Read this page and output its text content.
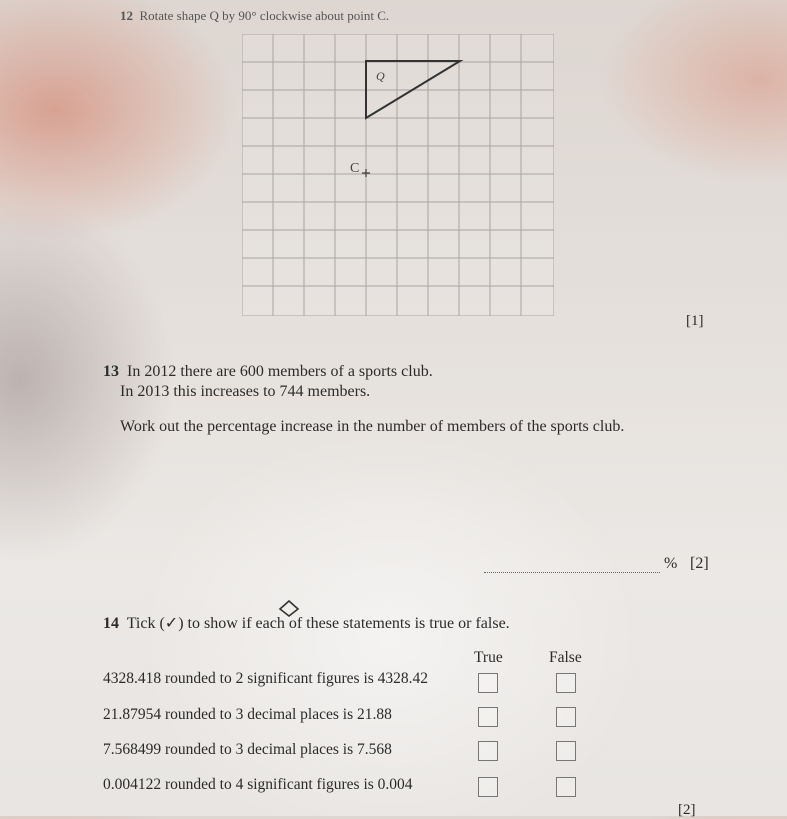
12 Rotate shape Q by 90° clockwise about point C.
Q
C
[1]
13 In 2012 there are 600 members of a sports club.
In 2013 this increases to 744 members.
Work out the percentage increase in the number of members of the sports club.
% [2]
14 Tick (✓) to show if each of these statements is true or false.
True	False
4328.418 rounded to 2 significant figures is 4328.42
21.87954 rounded to 3 decimal places is 21.88
7.568499 rounded to 3 decimal places is 7.568
0.004122 rounded to 4 significant figures is 0.004
[2]
